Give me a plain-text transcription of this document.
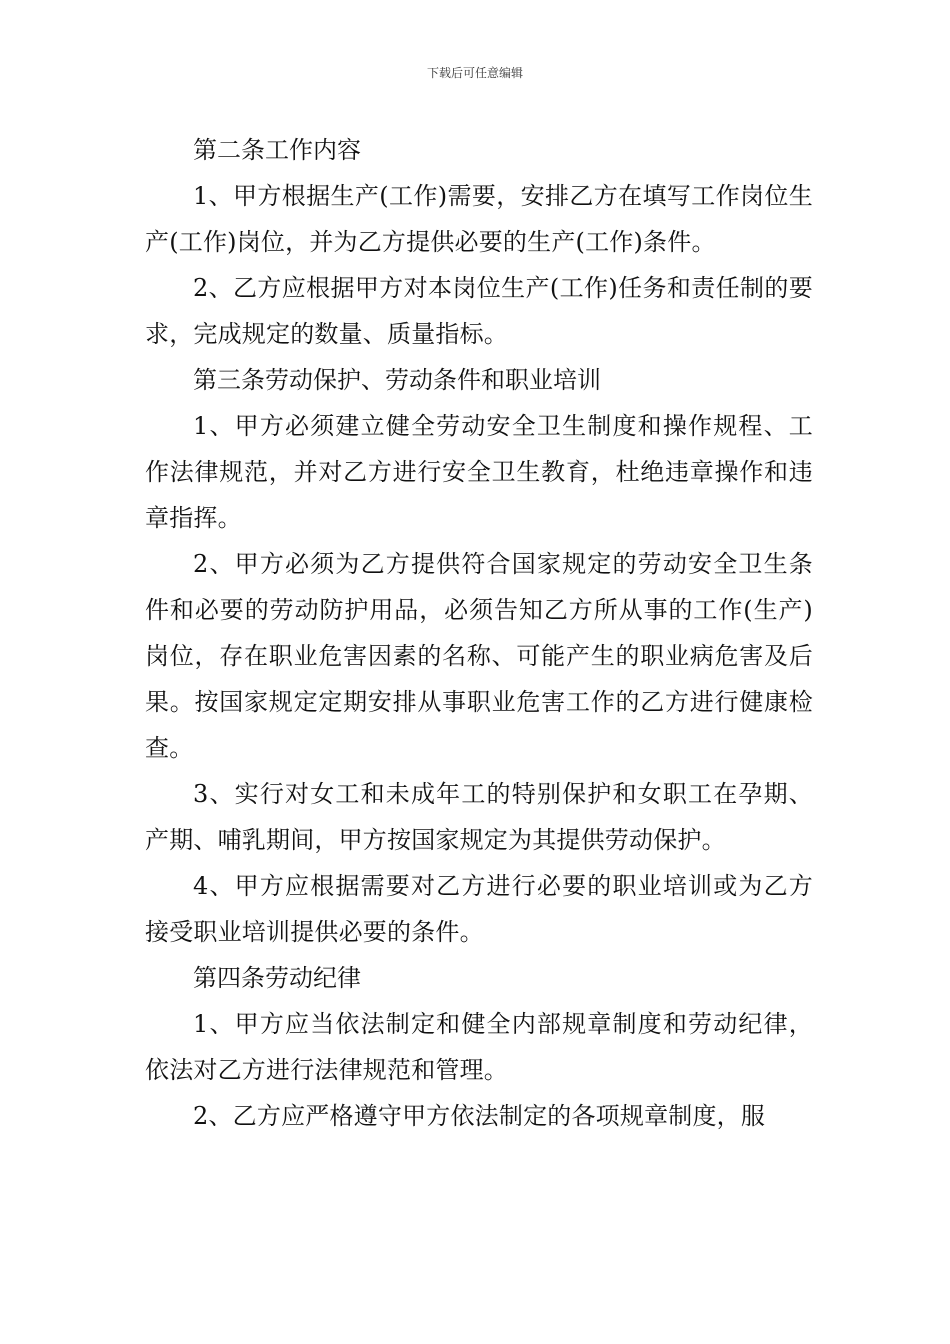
下载后可任意编辑

第二条工作内容

1、甲方根据生产(工作)需要，安排乙方在填写工作岗位生产(工作)岗位，并为乙方提供必要的生产(工作)条件。

2、乙方应根据甲方对本岗位生产(工作)任务和责任制的要求，完成规定的数量、质量指标。

第三条劳动保护、劳动条件和职业培训

1、甲方必须建立健全劳动安全卫生制度和操作规程、工作法律规范，并对乙方进行安全卫生教育，杜绝违章操作和违章指挥。

2、甲方必须为乙方提供符合国家规定的劳动安全卫生条件和必要的劳动防护用品，必须告知乙方所从事的工作(生产)岗位，存在职业危害因素的名称、可能产生的职业病危害及后果。按国家规定定期安排从事职业危害工作的乙方进行健康检查。

3、实行对女工和未成年工的特别保护和女职工在孕期、产期、哺乳期间，甲方按国家规定为其提供劳动保护。

4、甲方应根据需要对乙方进行必要的职业培训或为乙方接受职业培训提供必要的条件。

第四条劳动纪律

1、甲方应当依法制定和健全内部规章制度和劳动纪律，依法对乙方进行法律规范和管理。

2、乙方应严格遵守甲方依法制定的各项规章制度，服
